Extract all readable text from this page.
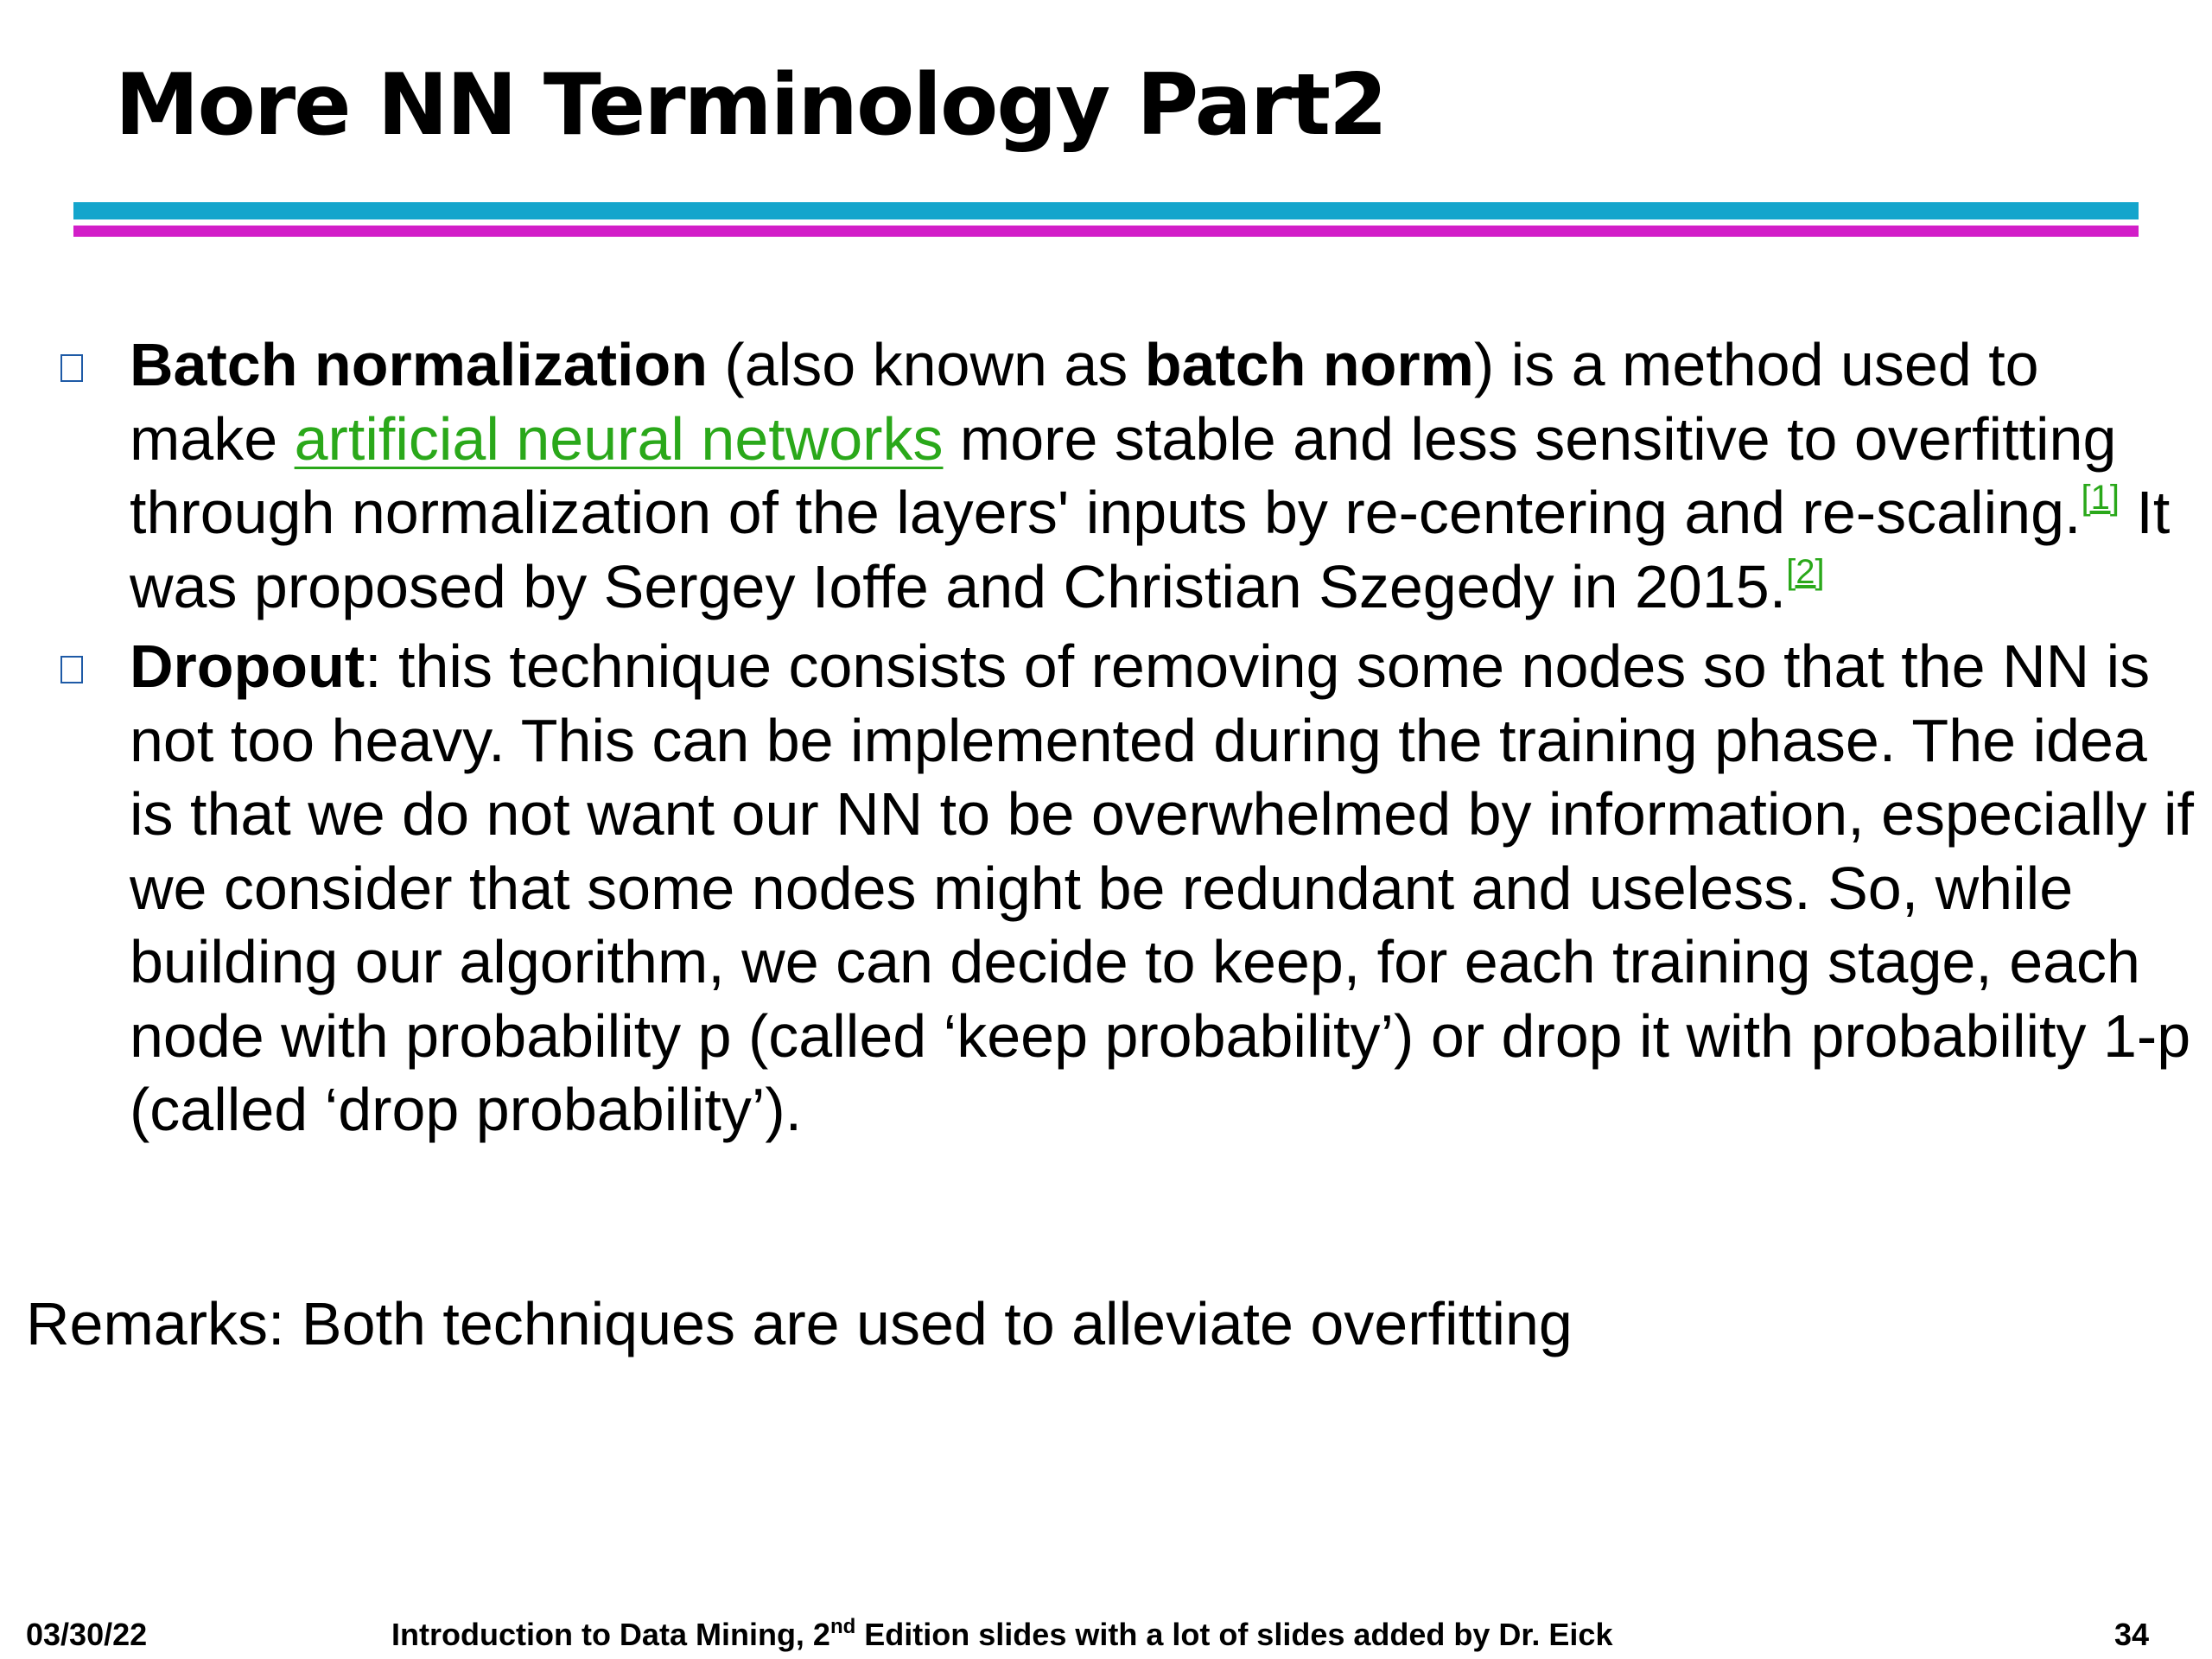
More NN Terminology Part2
Batch normalization (also known as batch norm) is a method used to
make artificial neural networks more stable and less sensitive to overfitting
through normalization of the layers' inputs by re-centering and re-scaling.[1] It
was proposed by Sergey Ioffe and Christian Szegedy in 2015.[2]
Dropout: this technique consists of removing some nodes so that the NN is
not too heavy. This can be implemented during the training phase. The idea
is that we do not want our NN to be overwhelmed by information, especially if
we consider that some nodes might be redundant and useless. So, while
building our algorithm, we can decide to keep, for each training stage, each
node with probability p (called ‘keep probability’) or drop it with probability 1-p
(called ‘drop probability’).
Remarks: Both techniques are used to alleviate overfitting
03/30/22	Introduction to Data Mining, 2nd Edition slides with a lot of slides added by Dr. Eick	34
